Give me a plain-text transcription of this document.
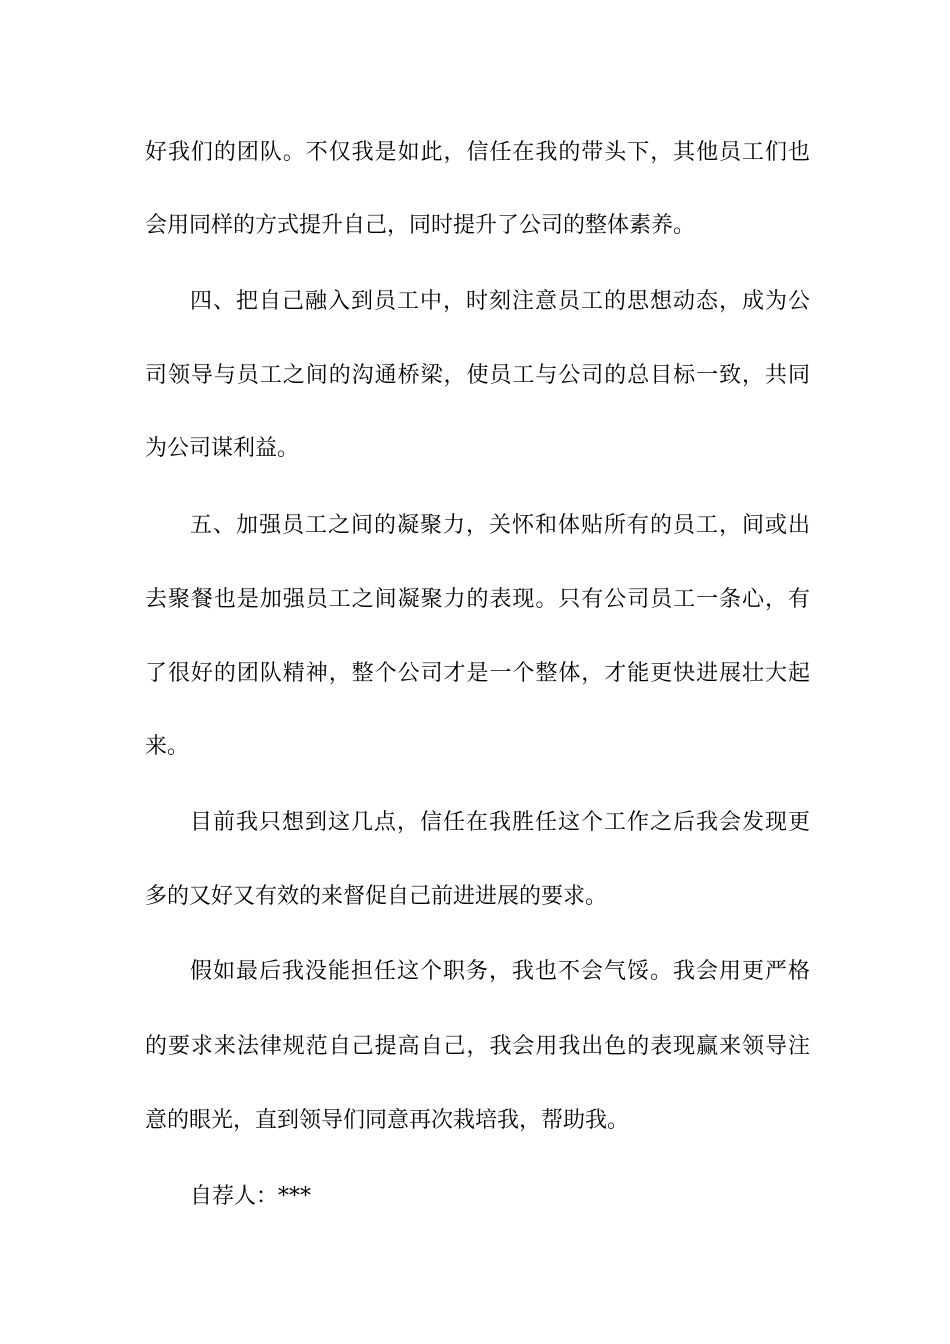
好我们的团队。不仅我是如此，信任在我的带头下，其他员工们也
会用同样的方式提升自己，同时提升了公司的整体素养。
四、把自己融入到员工中，时刻注意员工的思想动态，成为公
司领导与员工之间的沟通桥梁，使员工与公司的总目标一致，共同
为公司谋利益。
五、加强员工之间的凝聚力，关怀和体贴所有的员工，间或出
去聚餐也是加强员工之间凝聚力的表现。只有公司员工一条心，有
了很好的团队精神，整个公司才是一个整体，才能更快进展壮大起
来。
目前我只想到这几点，信任在我胜任这个工作之后我会发现更
多的又好又有效的来督促自己前进进展的要求。
假如最后我没能担任这个职务，我也不会气馁。我会用更严格
的要求来法律规范自己提高自己，我会用我出色的表现赢来领导注
意的眼光，直到领导们同意再次栽培我，帮助我。
自荐人：***
